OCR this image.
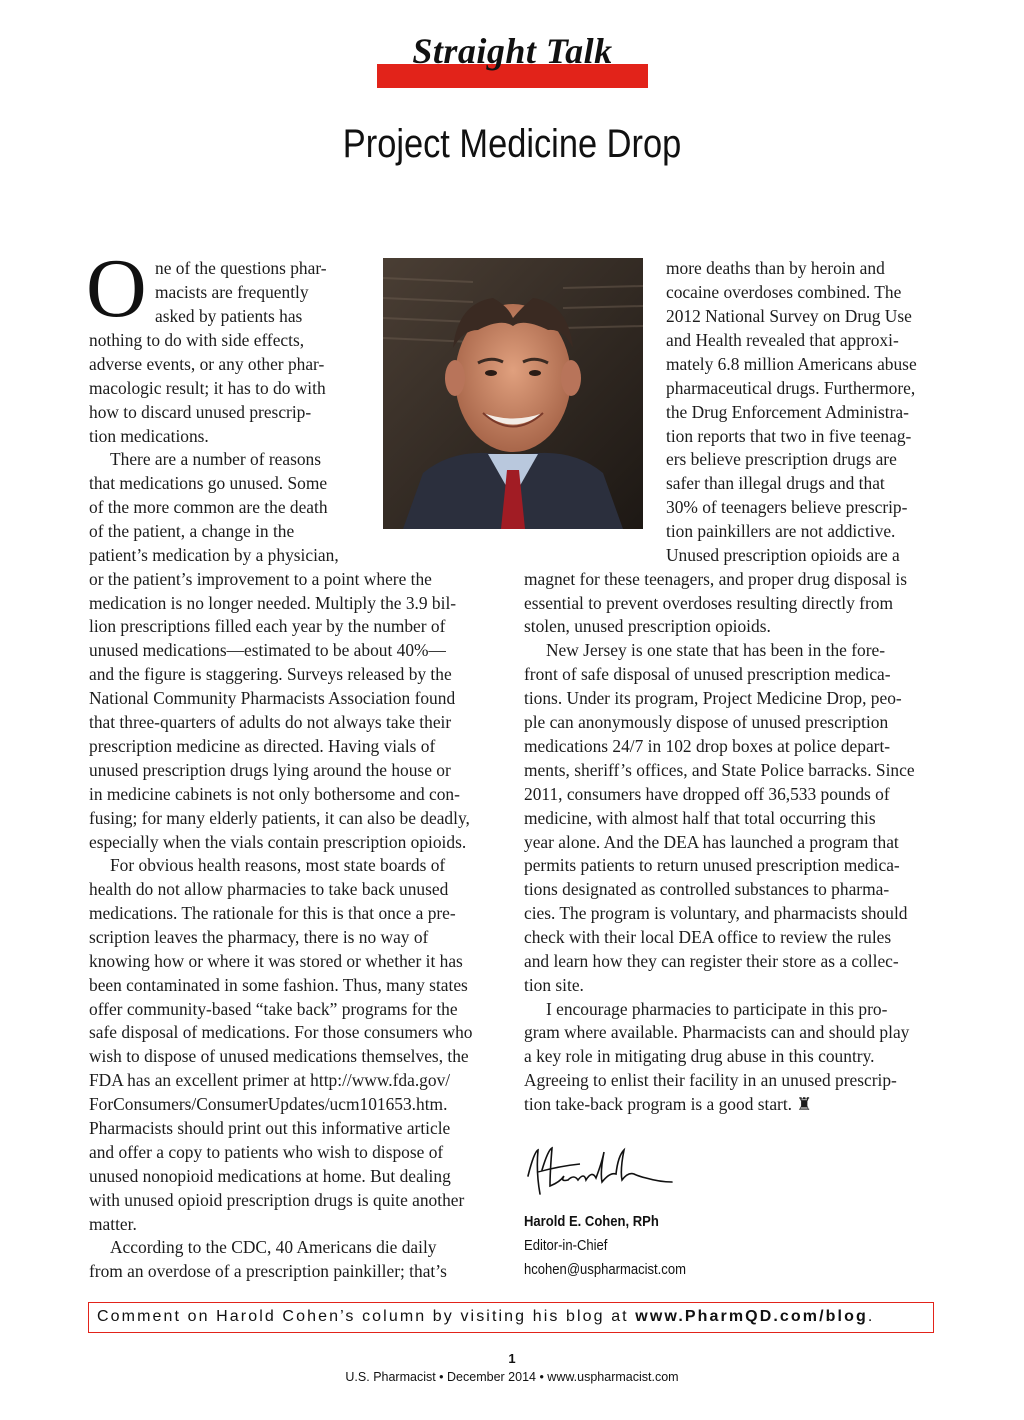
Straight Talk
Project Medicine Drop
O ne of the questions phar-
macists are frequently
asked by patients has
nothing to do with side effects,
adverse events, or any other phar-
macologic result; it has to do with
how to discard unused prescrip-
tion medications.
There are a number of reasons
that medications go unused. Some
of the more common are the death
of the patient, a change in the
patient’s medication by a physician,
or the patient’s improvement to a point where the
medication is no longer needed. Multiply the 3.9 bil-
lion prescriptions filled each year by the number of
unused medications—estimated to be about 40%—
and the figure is staggering. Surveys released by the
National Community Pharmacists Association found
that three-quarters of adults do not always take their
prescription medicine as directed. Having vials of
unused prescription drugs lying around the house or
in medicine cabinets is not only bothersome and con-
fusing; for many elderly patients, it can also be deadly,
especially when the vials contain prescription opioids.
For obvious health reasons, most state boards of
health do not allow pharmacies to take back unused
medications. The rationale for this is that once a pre-
scription leaves the pharmacy, there is no way of
knowing how or where it was stored or whether it has
been contaminated in some fashion. Thus, many states
offer community-based “take back” programs for the
safe disposal of medications. For those consumers who
wish to dispose of unused medications themselves, the
FDA has an excellent primer at http://www.fda.gov/
ForConsumers/ConsumerUpdates/ucm101653.htm.
Pharmacists should print out this informative article
and offer a copy to patients who wish to dispose of
unused nonopioid medications at home. But dealing
with unused opioid prescription drugs is quite another
matter.
According to the CDC, 40 Americans die daily
from an overdose of a prescription painkiller; that’s
more deaths than by heroin and
cocaine overdoses combined. The
2012 National Survey on Drug Use
and Health revealed that approxi-
mately 6.8 million Americans abuse
pharmaceutical drugs. Furthermore,
the Drug Enforcement Administra-
tion reports that two in five teenag-
ers believe prescription drugs are
safer than illegal drugs and that
30% of teenagers believe prescrip-
tion painkillers are not addictive.
Unused prescription opioids are a
magnet for these teenagers, and proper drug disposal is
essential to prevent overdoses resulting directly from
stolen, unused prescription opioids.
New Jersey is one state that has been in the fore-
front of safe disposal of unused prescription medica-
tions. Under its program, Project Medicine Drop, peo-
ple can anonymously dispose of unused prescription
medications 24/7 in 102 drop boxes at police depart-
ments, sheriff’s offices, and State Police barracks. Since
2011, consumers have dropped off 36,533 pounds of
medicine, with almost half that total occurring this
year alone. And the DEA has launched a program that
permits patients to return unused prescription medica-
tions designated as controlled substances to pharma-
cies. The program is voluntary, and pharmacists should
check with their local DEA office to review the rules
and learn how they can register their store as a collec-
tion site.
I encourage pharmacies to participate in this pro-
gram where available. Pharmacists can and should play
a key role in mitigating drug abuse in this country.
Agreeing to enlist their facility in an unused prescrip-
tion take-back program is a good start. ♜
Harold E. Cohen, RPh
Editor-in-Chief
hcohen@uspharmacist.com
Comment on Harold Cohen’s column by visiting his blog at www.PharmQD.com/blog.
1
U.S. Pharmacist • December 2014 • www.uspharmacist.com
